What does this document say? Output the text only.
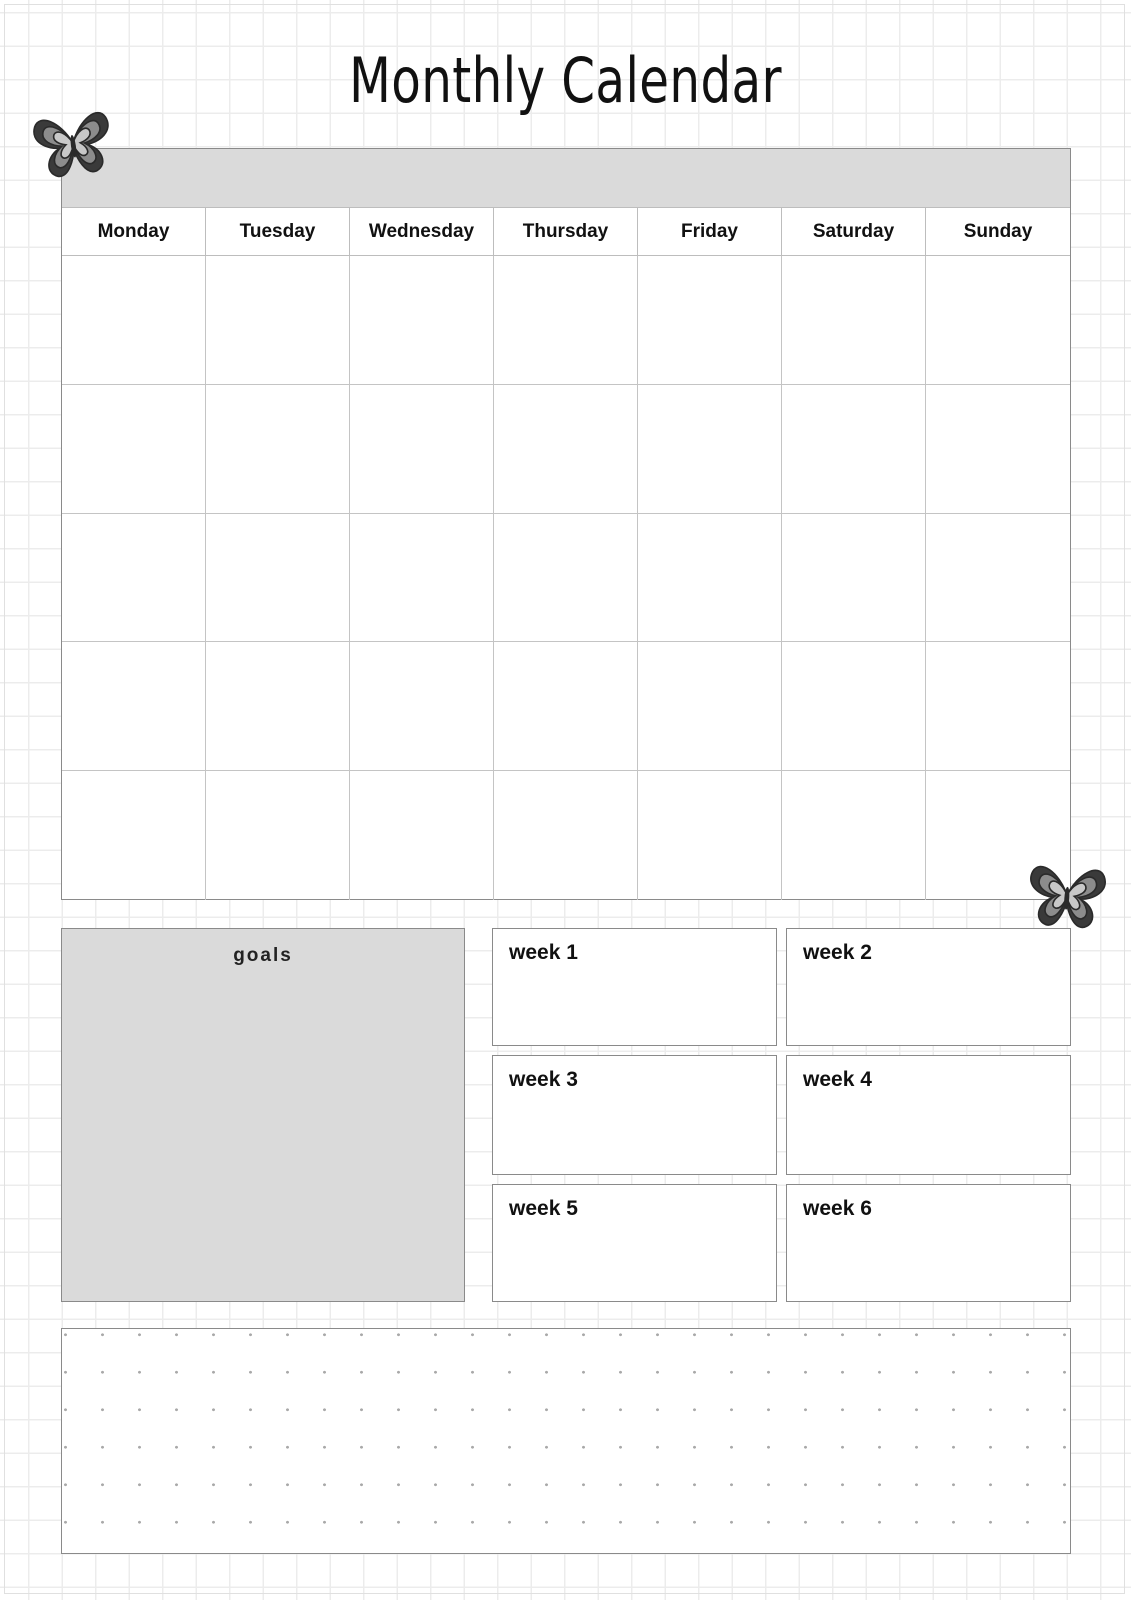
Monthly Calendar
Monday	Tuesday	Wednesday	Thursday	Friday	Saturday	Sunday
goals	week 1	week 2
week 3	week 4
week 5	week 6
